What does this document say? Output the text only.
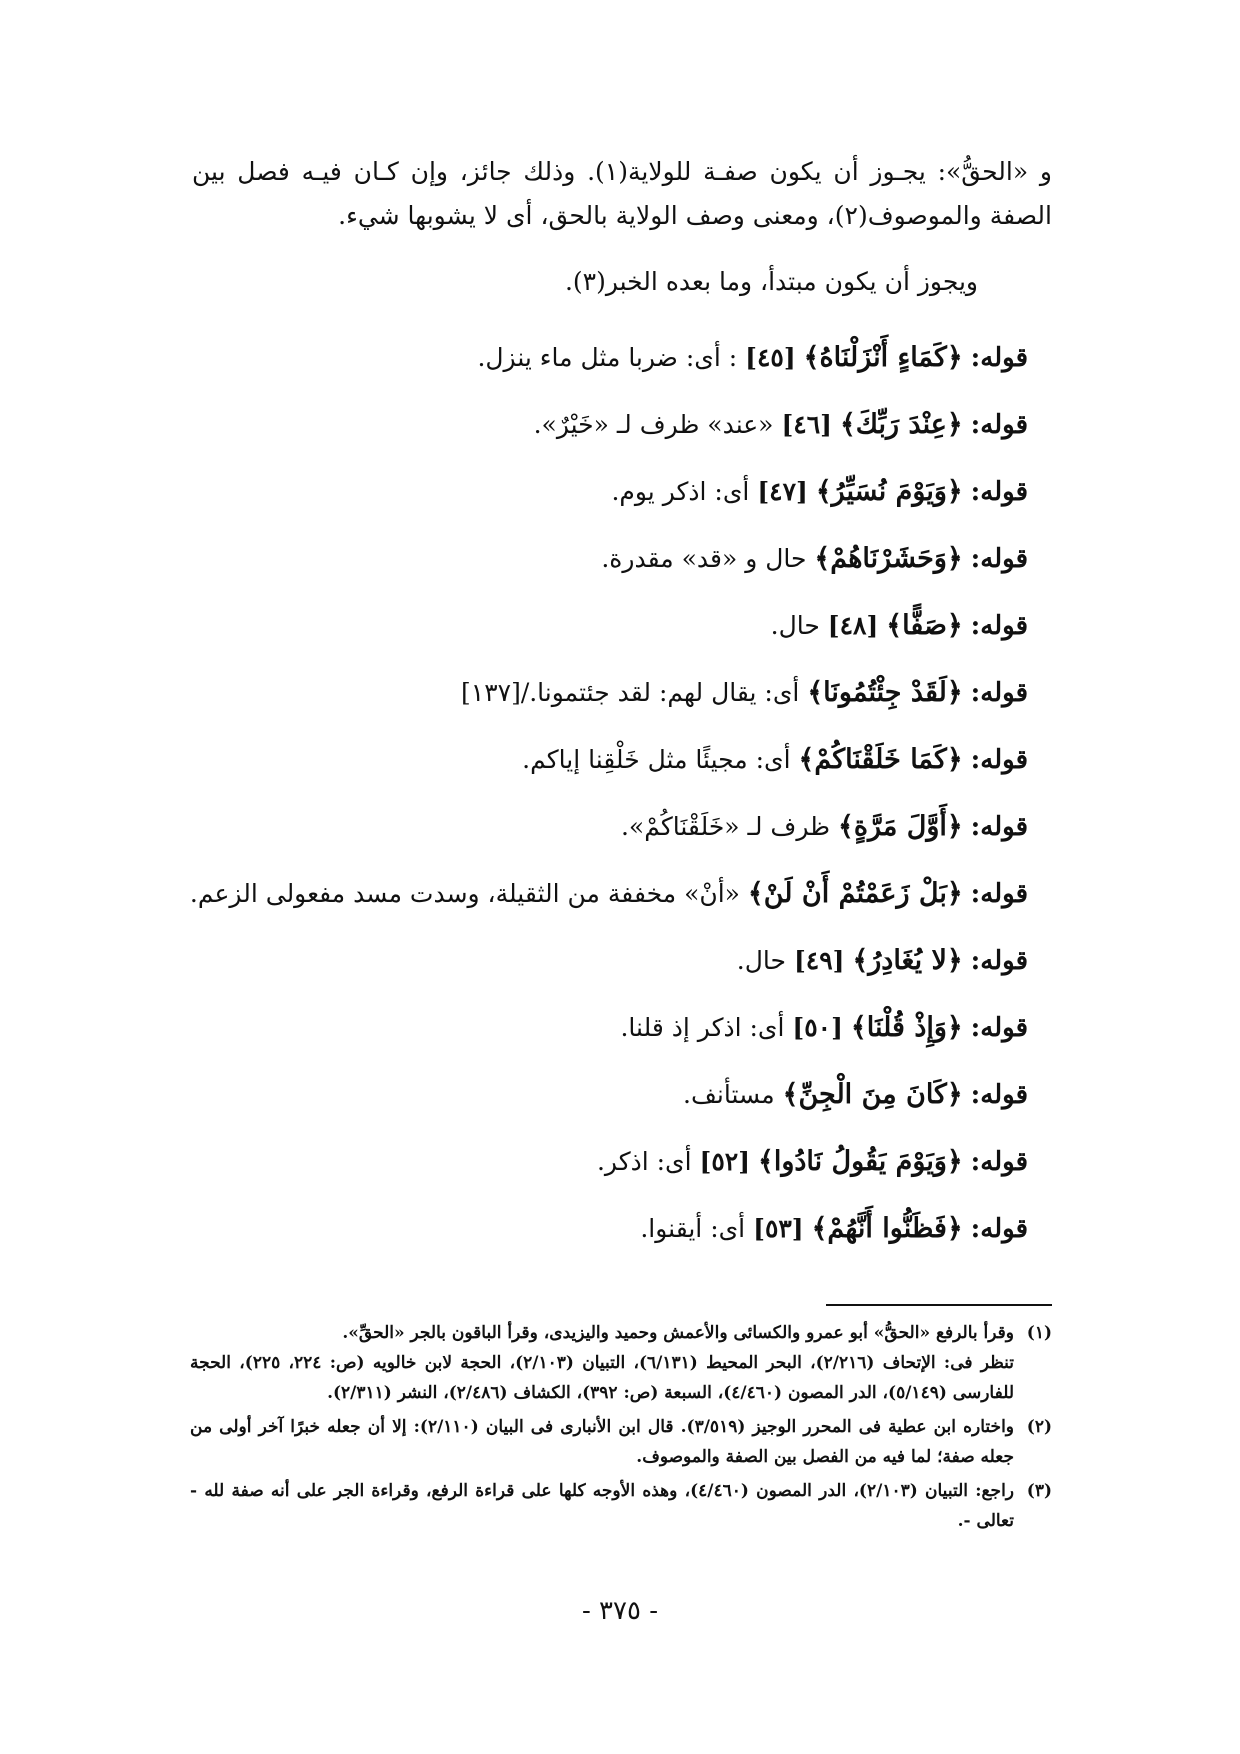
و «الحقُّ»: يجـوز أن يكون صفـة للولاية(١). وذلك جائز، وإن كـان فيـه فصل بين الصفة والموصوف(٢)، ومعنى وصف الولاية بالحق، أى لا يشوبها شيء.

ويجوز أن يكون مبتدأ، وما بعده الخبر(٣).

قوله: ﴿كَمَاءٍ أَنْزَلْنَاهُ﴾ [٤٥] : أى: ضربا مثل ماء ينزل.
قوله: ﴿عِنْدَ رَبِّكَ﴾ [٤٦] «عند» ظرف لـ «خَيْرٌ».
قوله: ﴿وَيَوْمَ نُسَيِّرُ﴾ [٤٧] أى: اذكر يوم.
قوله: ﴿وَحَشَرْنَاهُمْ﴾ حال و «قد» مقدرة.
قوله: ﴿صَفًّا﴾ [٤٨] حال.
قوله: ﴿لَقَدْ جِئْتُمُونَا﴾ أى: يقال لهم: لقد جئتمونا./[١٣٧]
قوله: ﴿كَمَا خَلَقْنَاكُمْ﴾ أى: مجيئًا مثل خَلْقِنا إياكم.
قوله: ﴿أَوَّلَ مَرَّةٍ﴾ ظرف لـ «خَلَقْنَاكُمْ».
قوله: ﴿بَلْ زَعَمْتُمْ أَنْ لَنْ﴾ «أنْ» مخففة من الثقيلة، وسدت مسد مفعولى الزعم.
قوله: ﴿لا يُغَادِرُ﴾ [٤٩] حال.
قوله: ﴿وَإِذْ قُلْنَا﴾ [٥٠] أى: اذكر إذ قلنا.
قوله: ﴿كَانَ مِنَ الْجِنِّ﴾ مستأنف.
قوله: ﴿وَيَوْمَ يَقُولُ نَادُوا﴾ [٥٢] أى: اذكر.
قوله: ﴿فَظَنُّوا أَنَّهُمْ﴾ [٥٣] أى: أيقنوا.
(١)
وقرأ بالرفع «الحقُّ» أبو عمرو والكسائى والأعمش وحميد واليزيدى، وقرأ الباقون بالجر «الحقِّ».
تنظر فى: الإتحاف (٢/٢١٦)، البحر المحيط (٦/١٣١)، التبيان (٢/١٠٣)، الحجة لابن خالويه (ص: ٢٢٤، ٢٢٥)، الحجة للفارسى (٥/١٤٩)، الدر المصون (٤/٤٦٠)، السبعة (ص: ٣٩٢)، الكشاف (٢/٤٨٦)، النشر (٢/٣١١).
(٢)
واختاره ابن عطية فى المحرر الوجيز (٣/٥١٩). قال ابن الأنبارى فى البيان (٢/١١٠): إلا أن جعله خبرًا آخر أولى من جعله صفة؛ لما فيه من الفصل بين الصفة والموصوف.
(٣)
راجع: التبيان (٢/١٠٣)، الدر المصون (٤/٤٦٠)، وهذه الأوجه كلها على قراءة الرفع، وقراءة الجر على أنه صفة لله - تعالى -.
- ٣٧٥ -
